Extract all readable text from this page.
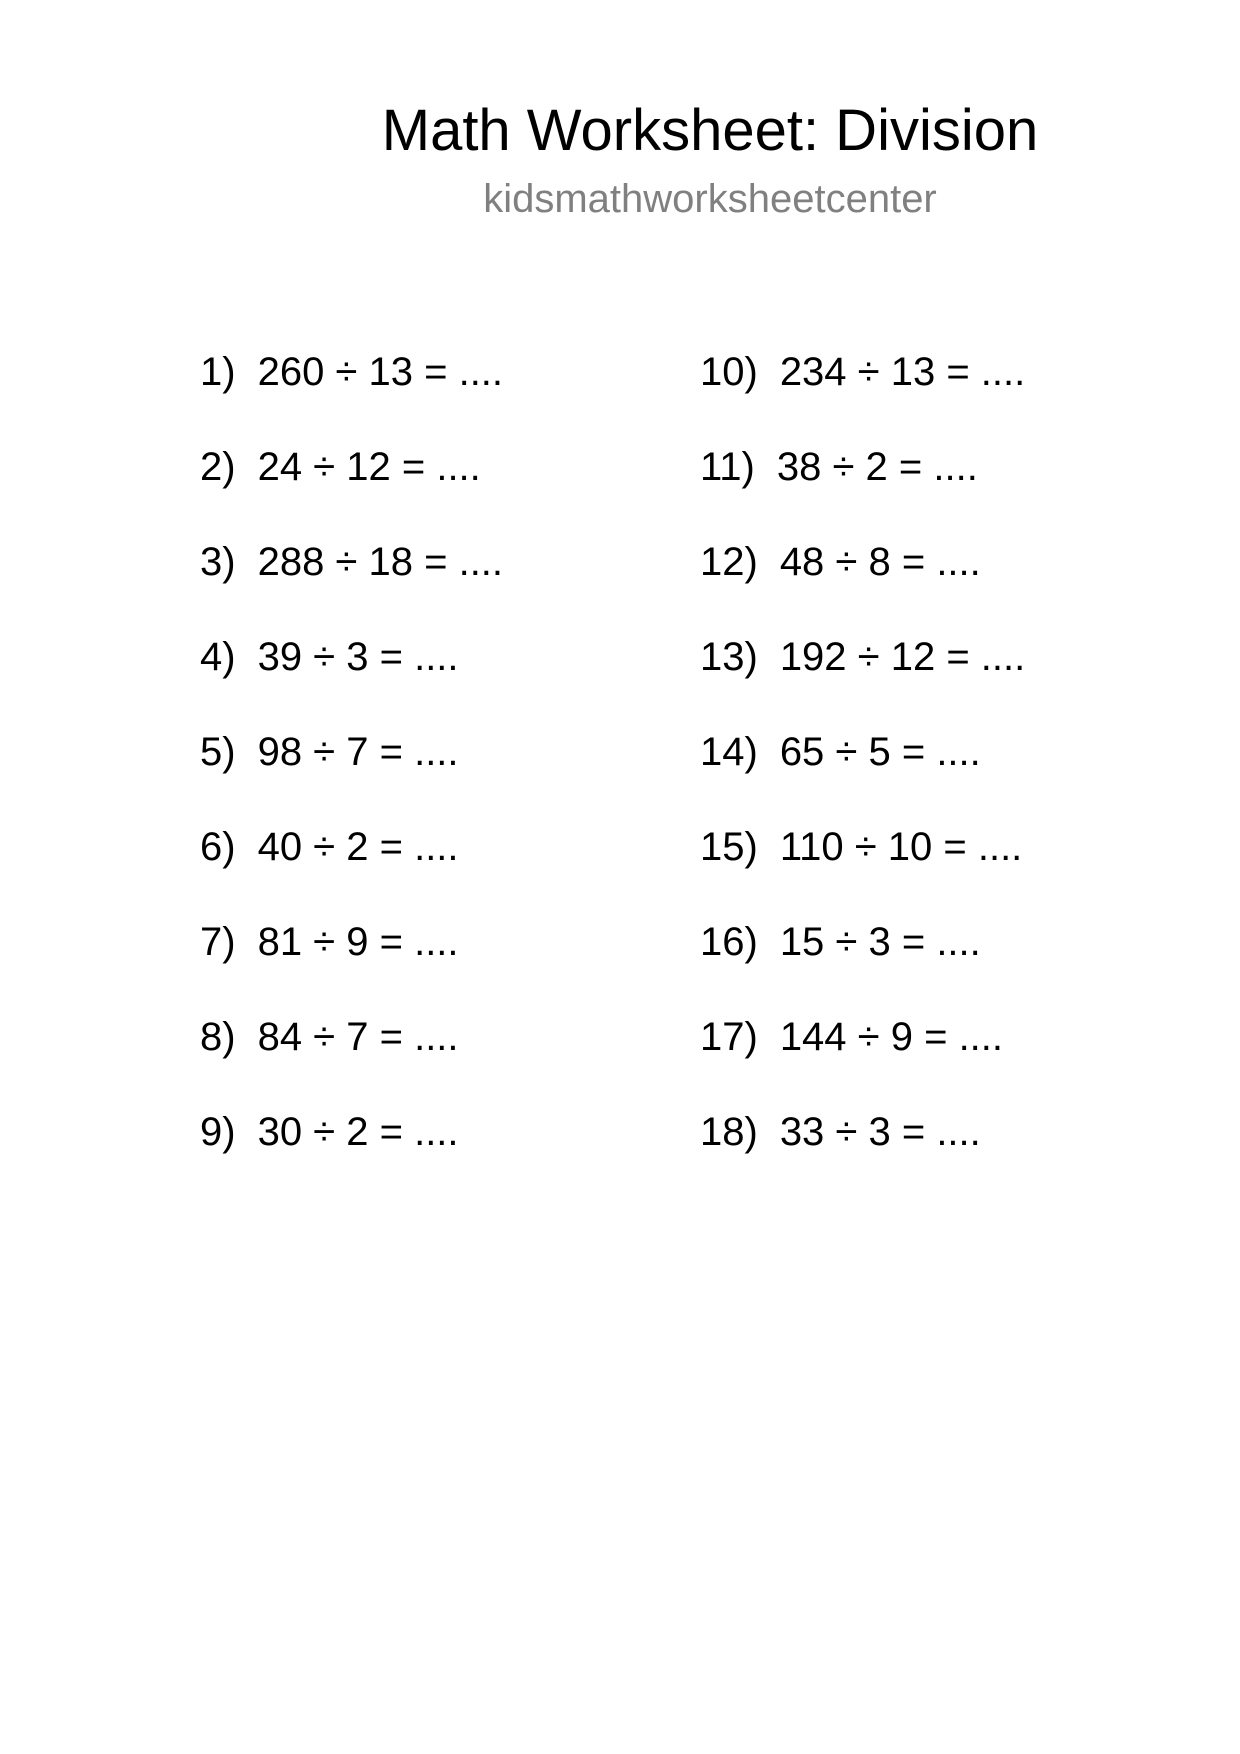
Math Worksheet: Division
kidsmathworksheetcenter
1) 260 ÷ 13 = ....
2) 24 ÷ 12 = ....
3) 288 ÷ 18 = ....
4) 39 ÷ 3 = ....
5) 98 ÷ 7 = ....
6) 40 ÷ 2 = ....
7) 81 ÷ 9 = ....
8) 84 ÷ 7 = ....
9) 30 ÷ 2 = ....
10) 234 ÷ 13 = ....
11) 38 ÷ 2 = ....
12) 48 ÷ 8 = ....
13) 192 ÷ 12 = ....
14) 65 ÷ 5 = ....
15) 110 ÷ 10 = ....
16) 15 ÷ 3 = ....
17) 144 ÷ 9 = ....
18) 33 ÷ 3 = ....
